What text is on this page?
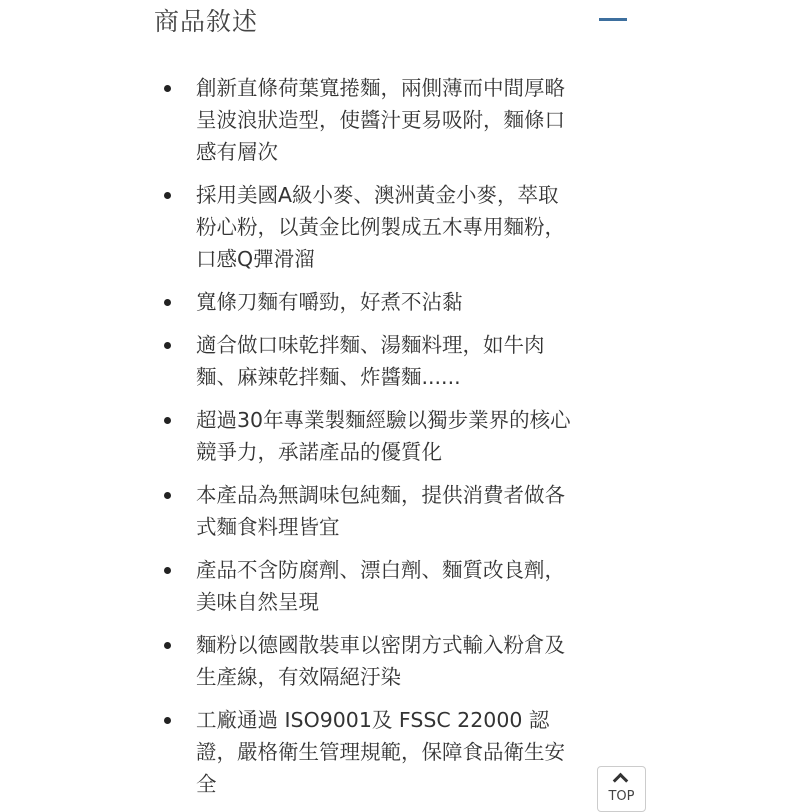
商品敘述
創新直條荷葉寬捲麵，兩側薄而中間厚略
呈波浪狀造型，使醬汁更易吸附，麵條口
感有層次
採用美國A級小麥、澳洲黃金小麥，萃取
粉心粉，以黃金比例製成五木專用麵粉，
口感Q彈滑溜
寬條刀麵有嚼勁，好煮不沾黏
適合做口味乾拌麵、湯麵料理，如牛肉
麵、麻辣乾拌麵、炸醬麵......
超過30年專業製麵經驗以獨步業界的核心
競爭力，承諾產品的優質化
本產品為無調味包純麵，提供消費者做各
式麵食料理皆宜
產品不含防腐劑、漂白劑、麵質改良劑，
美味自然呈現
麵粉以德國散裝車以密閉方式輸入粉倉及
生產線，有效隔絕汙染
工廠通過 ISO9001及 FSSC 22000 認
證，嚴格衛生管理規範，保障食品衛生安
全
TOP
